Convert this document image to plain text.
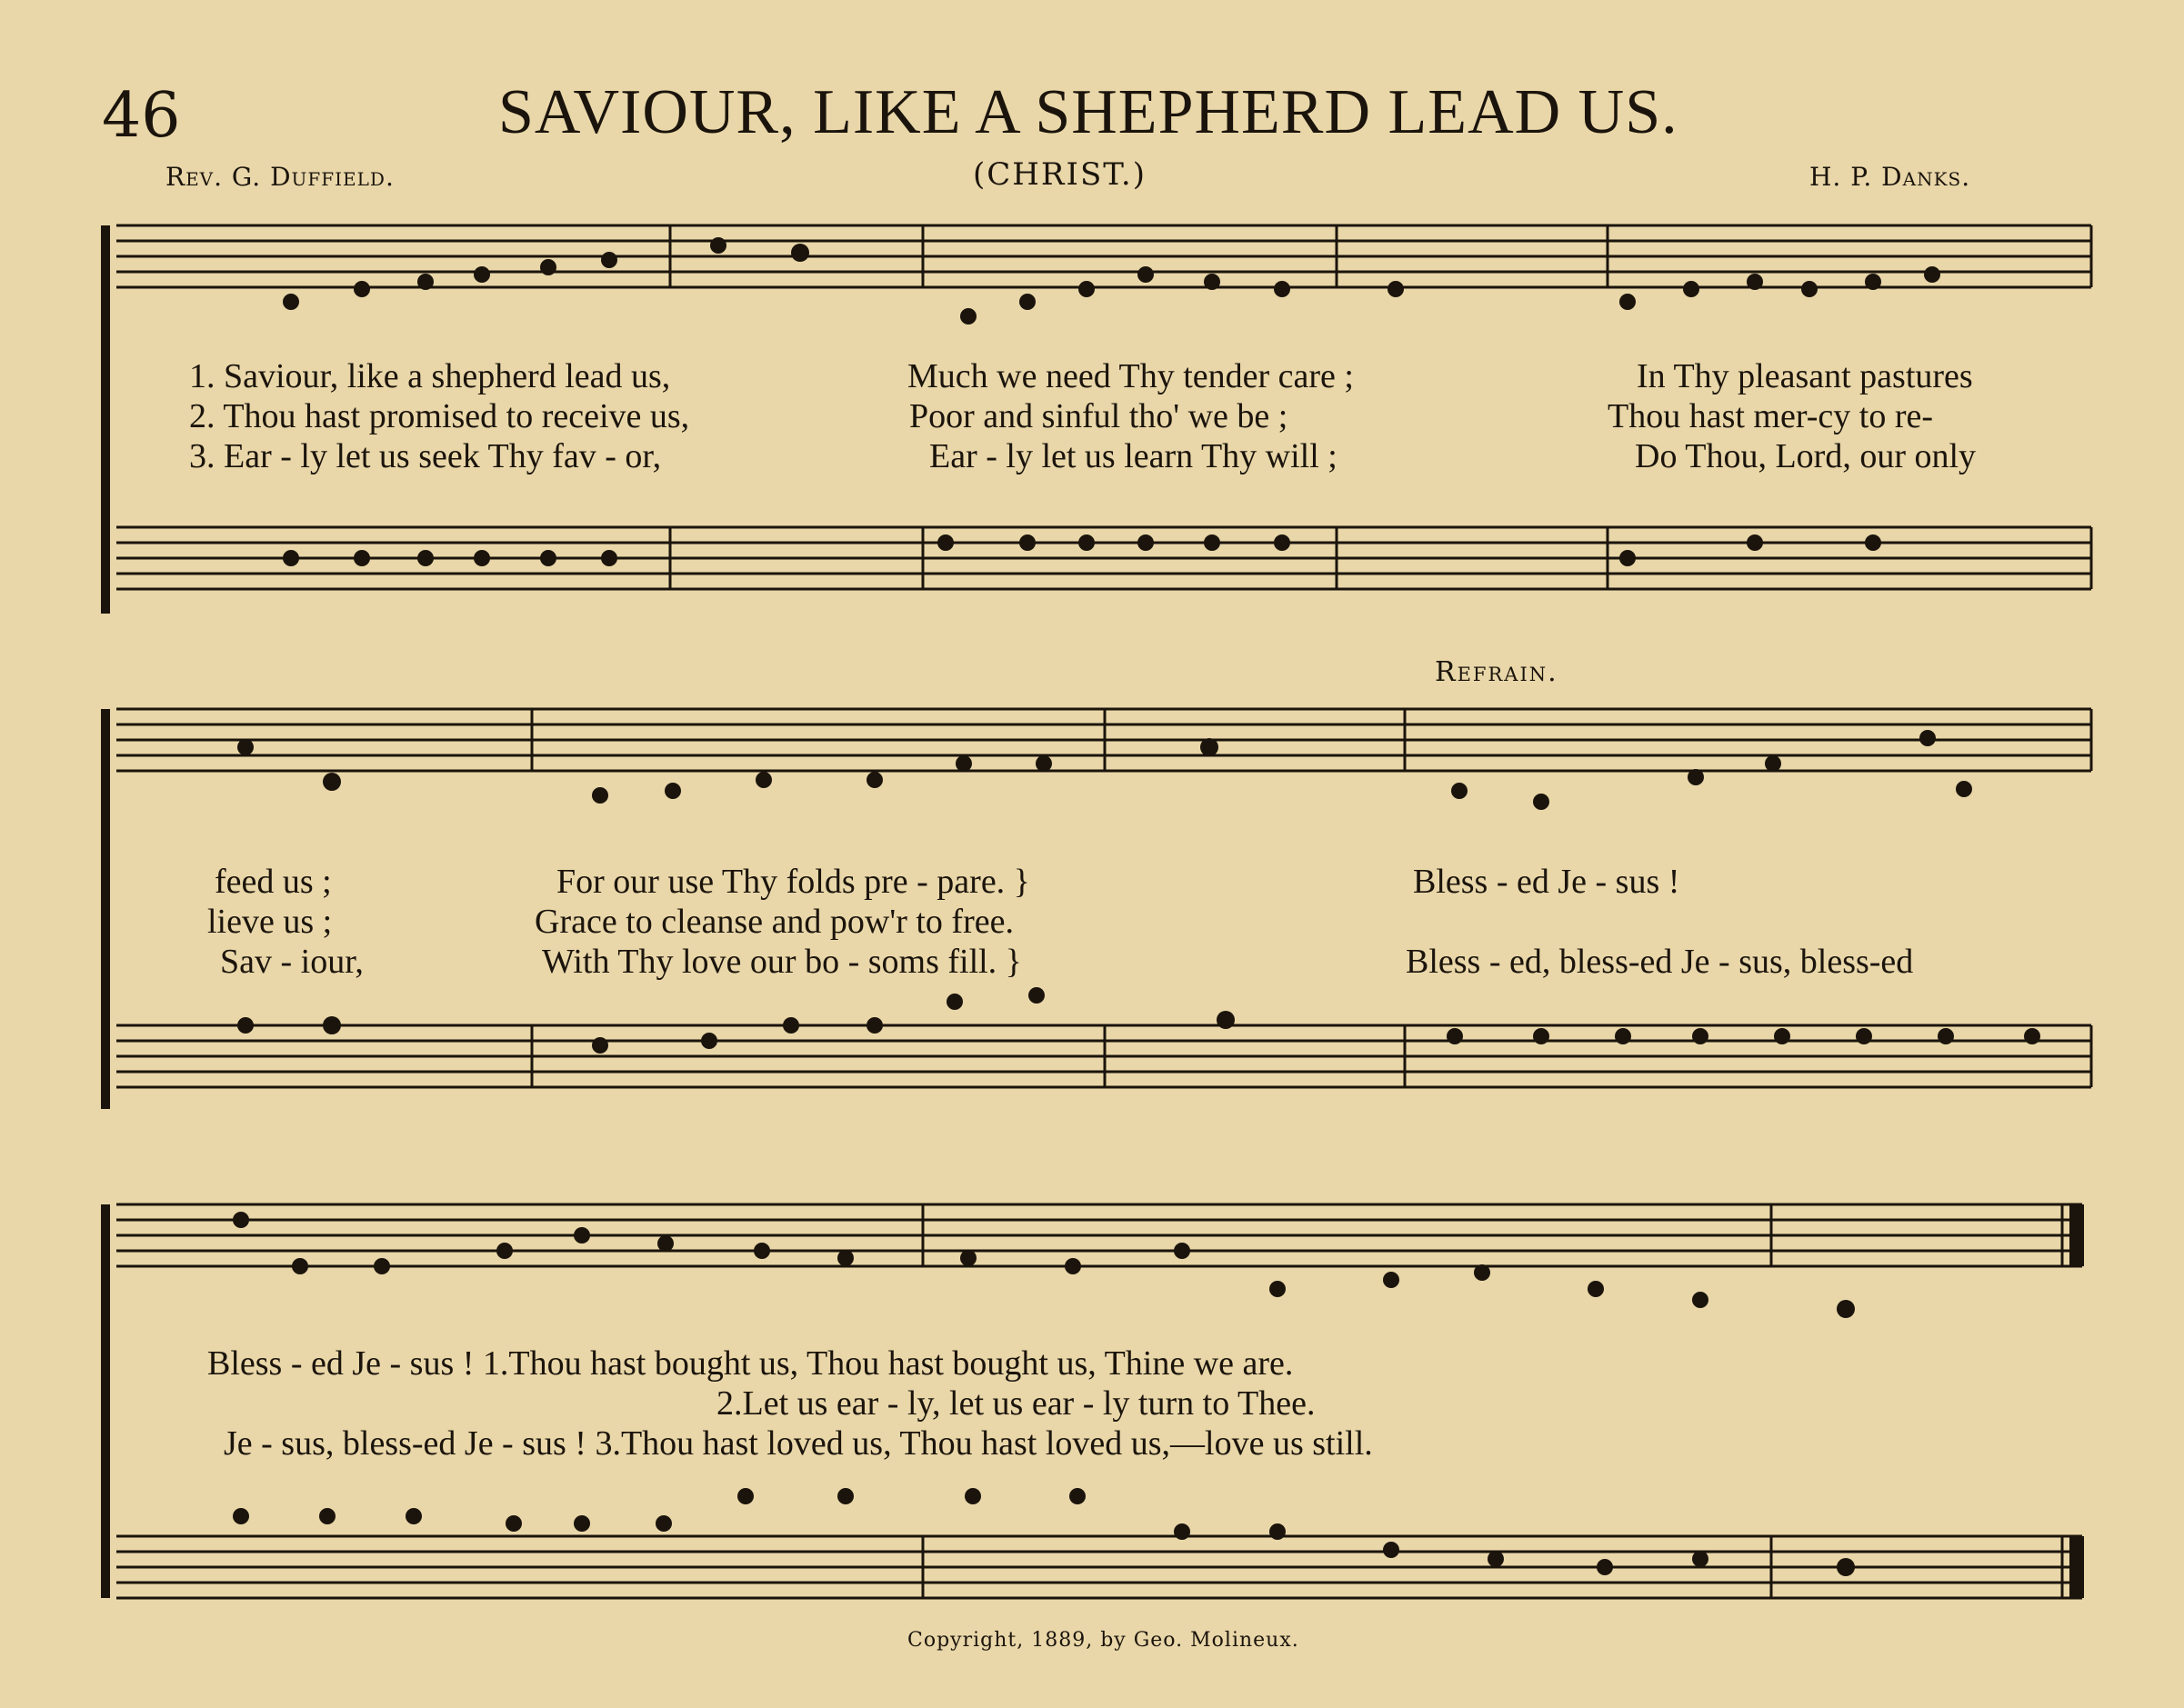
46	SAVIOUR, LIKE A SHEPHERD LEAD US.
Rev. G. Duffield.	(CHRIST.)	H. P. Danks.
1. Saviour, like a shepherd lead us,	Much we need Thy tender care ;	In Thy pleasant pastures
2. Thou hast promised to receive us,	Poor and sinful tho' we be ;	Thou hast mer-cy to re-
3. Ear - ly let us seek Thy fav - or,	Ear - ly let us learn Thy will ;	Do Thou, Lord, our only
Refrain.
feed us ;	For our use Thy folds pre - pare. }	Bless - ed Je - sus !
lieve us ;	Grace to cleanse and pow'r to free.
Sav - iour,	With Thy love our bo - soms fill. }	Bless - ed, bless-ed Je - sus, bless-ed
Bless - ed Je - sus ! 1.Thou hast bought us, Thou hast bought us, Thine we are.
2.Let us ear - ly, let us ear - ly turn to Thee.
Je - sus, bless-ed Je - sus ! 3.Thou hast loved us, Thou hast loved us,—love us still.
Copyright, 1889, by Geo. Molineux.
